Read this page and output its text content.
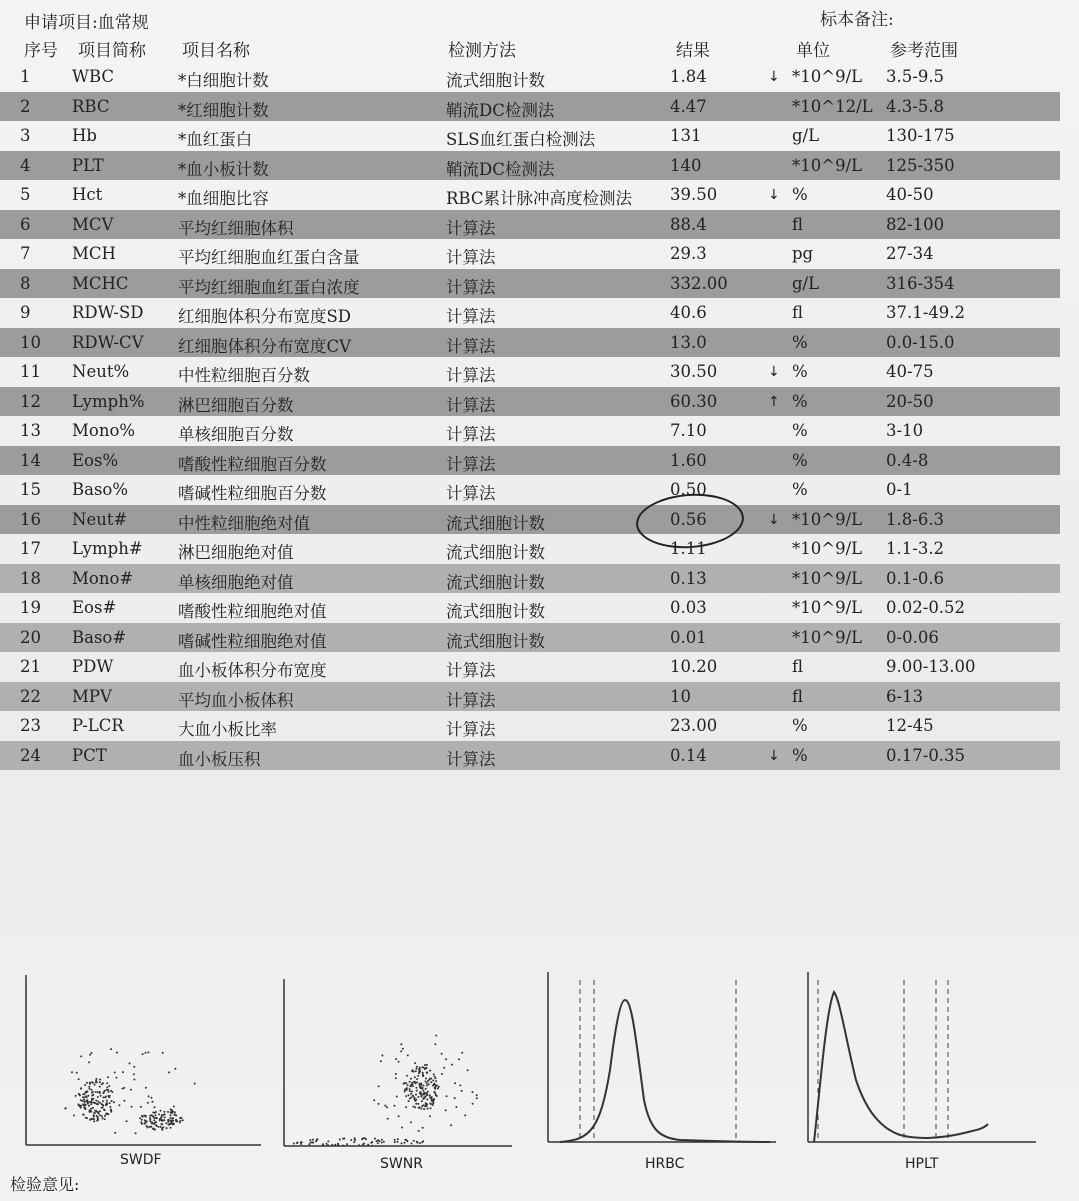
申请项目:血常规	标本备注:
序号 项目简称 项目名称	检测方法	结果	单位	参考范围
1	WBC	*白细胞计数	流式细胞计数	1.84	↓ *10^9/L 3.5-9.5
2	RBC	*红细胞计数	鞘流DC检测法	4.47	*10^12/L 4.3-5.8
3	Hb	*血红蛋白	SLS血红蛋白检测法	131	g/L	130-175
4	PLT	*血小板计数	鞘流DC检测法	140	*10^9/L 125-350
5	Hct	*血细胞比容	RBC累计脉冲高度检测法 39.50	↓ %	40-50
6	MCV	平均红细胞体积	计算法	88.4	fl	82-100
7	MCH	平均红细胞血红蛋白含量	计算法	29.3	pg	27-34
8	MCHC	平均红细胞血红蛋白浓度	计算法	332.00	g/L	316-354
9	RDW-SD 红细胞体积分布宽度SD	计算法	40.6	fl	37.1-49.2
10 RDW-CV 红细胞体积分布宽度CV	计算法	13.0	%	0.0-15.0
11 Neut%	中性粒细胞百分数	计算法	30.50	↓ %	40-75
12 Lymph% 淋巴细胞百分数	计算法	60.30	↑ %	20-50
13 Mono%	单核细胞百分数	计算法	7.10	%	3-10
14 Eos%	嗜酸性粒细胞百分数	计算法	1.60	%	0.4-8
15 Baso%	嗜碱性粒细胞百分数	计算法	0.50	%	0-1
16 Neut#	中性粒细胞绝对值	流式细胞计数	0.56	↓ *10^9/L 1.8-6.3
17 Lymph# 淋巴细胞绝对值	流式细胞计数	1.11	*10^9/L 1.1-3.2
18 Mono#	单核细胞绝对值	流式细胞计数	0.13	*10^9/L 0.1-0.6
19 Eos#	嗜酸性粒细胞绝对值	流式细胞计数	0.03	*10^9/L 0.02-0.52
20 Baso#	嗜碱性粒细胞绝对值	流式细胞计数	0.01	*10^9/L 0-0.06
21 PDW	血小板体积分布宽度	计算法	10.20	fl	9.00-13.00
22 MPV	平均血小板体积	计算法	10	fl	6-13
23 P-LCR	大血小板比率	计算法	23.00	%	12-45
24 PCT	血小板压积	计算法	0.14	↓ %	0.17-0.35
SWDF	SWNR	HRBC	HPLT
检验意见:
